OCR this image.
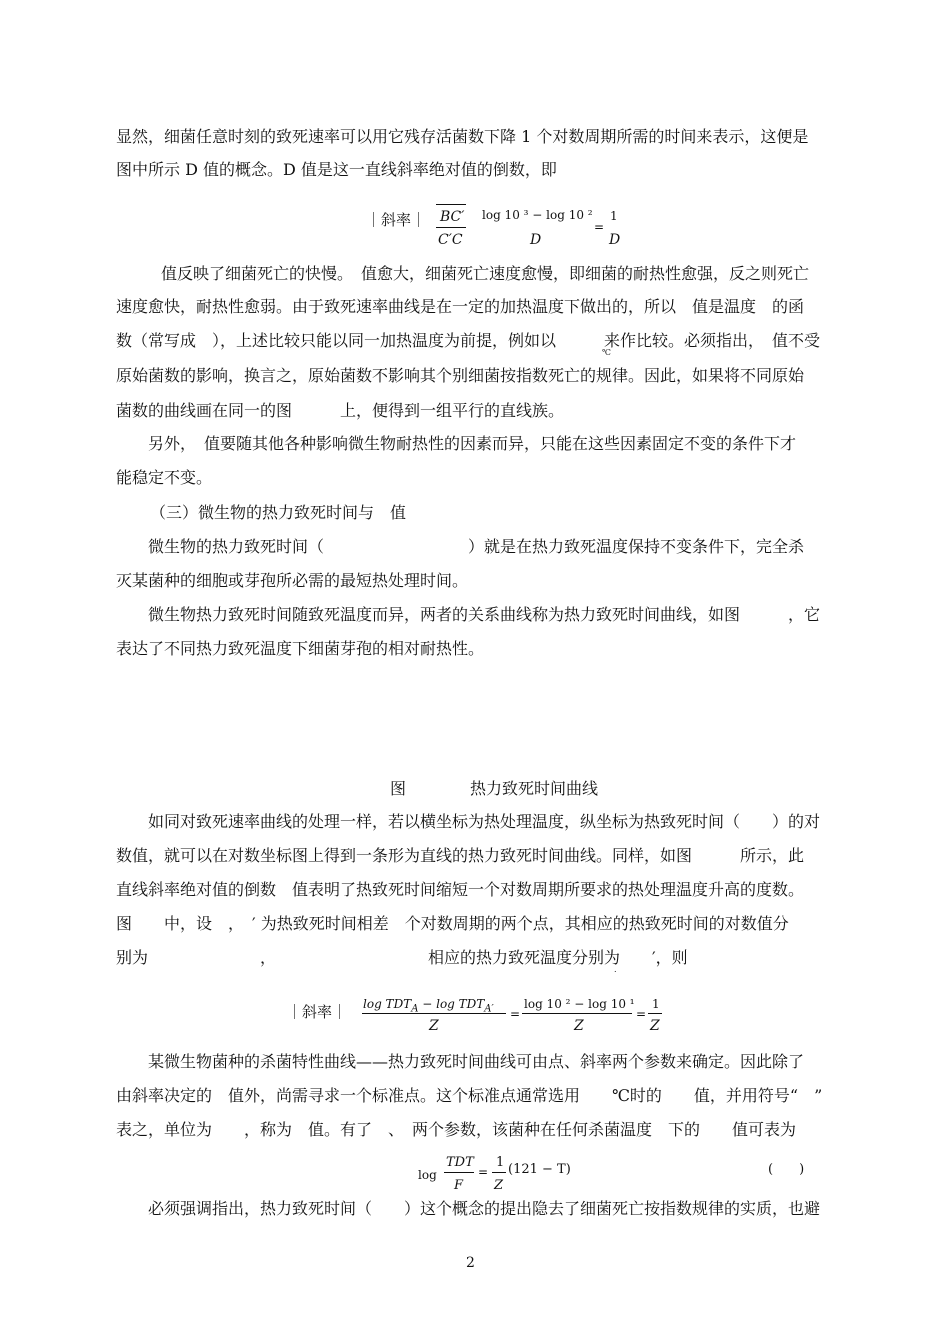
显然，细菌任意时刻的致死速率可以用它残存活菌数下降 1 个对数周期所需的时间来表示，这便是
图中所示 D 值的概念。D 值是这一直线斜率绝对值的倒数，即
｜斜率｜ BC′
C′C
log 10 ³ − log 10 ²
D
=
1
D
值反映了细菌死亡的快慢。　值愈大，细菌死亡速度愈慢，即细菌的耐热性愈强，反之则死亡
速度愈快，耐热性愈弱。由于致死速率曲线是在一定的加热温度下做出的，所以　值是温度　的函
数（常写成　），上述比较只能以同一加热温度为前提，例如以　　　来作比较。必须指出，　值不受
℃
原始菌数的影响，换言之，原始菌数不影响其个别细菌按指数死亡的规律。因此，如果将不同原始
菌数的曲线画在同一的图　　　上，便得到一组平行的直线族。
另外，　值要随其他各种影响微生物耐热性的因素而异，只能在这些因素固定不变的条件下才
能稳定不变。
（三）微生物的热力致死时间与　值
微生物的热力致死时间（　　　　　　　　　）就是在热力致死温度保持不变条件下，完全杀
灭某菌种的细胞或芽孢所必需的最短热处理时间。
微生物热力致死时间随致死温度而异，两者的关系曲线称为热力致死时间曲线，如图　　　，它
表达了不同热力致死温度下细菌芽孢的相对耐热性。
图　　　　热力致死时间曲线
如同对致死速率曲线的处理一样，若以横坐标为热处理温度，纵坐标为热致死时间（　　）的对
数值，就可以在对数坐标图上得到一条形为直线的热力致死时间曲线。同样，如图　　　所示，此
直线斜率绝对值的倒数　值表明了热致死时间缩短一个对数周期所要求的热处理温度升高的度数。
图　　中，设　，　′ 为热致死时间相差　个对数周期的两个点，其相应的热致死时间的对数值分
别为　　　　　　　，　　　　　　　　　　相应的热力致死温度分别为　　′，则
.
｜斜率｜ $\log TDT_A - \log TDT_{A'}$
Z
=
log 10 ² − log 10 ¹
Z
=
1
Z
某微生物菌种的杀菌特性曲线——热力致死时间曲线可由点、斜率两个参数来确定。因此除了
由斜率决定的　值外，尚需寻求一个标准点。这个标准点通常选用　　℃时的　　值，并用符号“　”
表之，单位为　　，称为　值。有了　、　两个参数，该菌种在任何杀菌温度　下的　　值可表为
log
TDT
F
=
1
Z
(121 − T)	(　　)
必须强调指出，热力致死时间（　　）这个概念的提出隐去了细菌死亡按指数规律的实质，也避
2
